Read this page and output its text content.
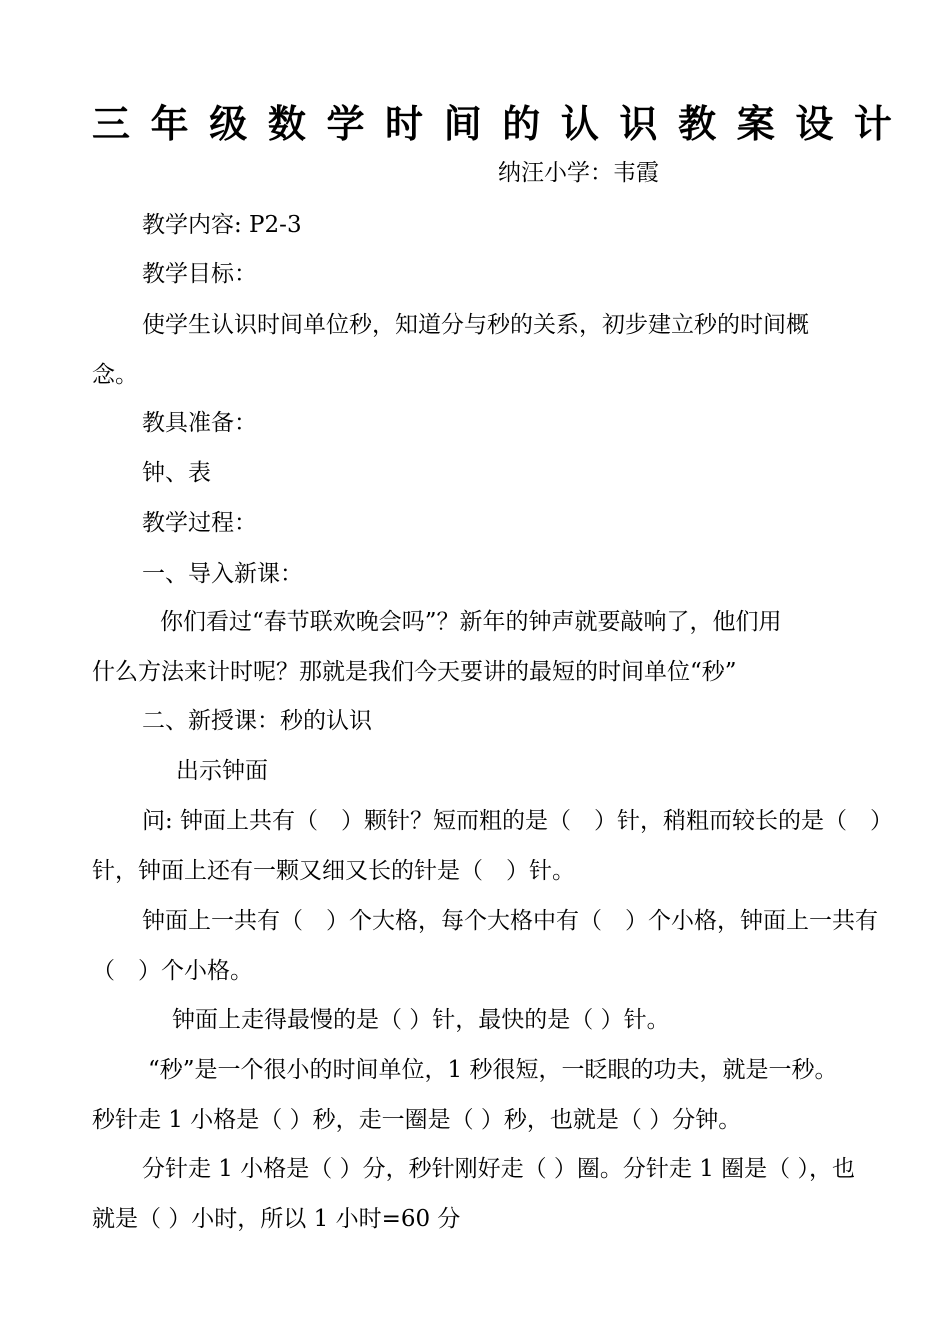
三 年 级 数 学 时 间 的 认 识 教 案 设 计
纳汪小学：韦霞
教学内容: P2-3
教学目标：
使学生认识时间单位秒，知道分与秒的关系，初步建立秒的时间概
念。
教具准备：
钟、表
教学过程：
一、导入新课：
你们看过“春节联欢晚会吗”？新年的钟声就要敲响了，他们用
什么方法来计时呢？那就是我们今天要讲的最短的时间单位“秒”
二、新授课：秒的认识
出示钟面
问: 钟面上共有（　）颗针？短而粗的是（　）针，稍粗而较长的是（　）
针，钟面上还有一颗又细又长的针是（　）针。
钟面上一共有（　）个大格，每个大格中有（　）个小格，钟面上一共有
（　）个小格。
钟面上走得最慢的是（ ）针，最快的是（ ）针。
“秒”是一个很小的时间单位，1 秒很短，一眨眼的功夫，就是一秒。
秒针走 1 小格是（ ）秒，走一圈是（ ）秒，也就是（ ）分钟。
分针走 1 小格是（ ）分，秒针刚好走（ ）圈。分针走 1 圈是（ ），也
就是（ ）小时，所以 1 小时=60 分
